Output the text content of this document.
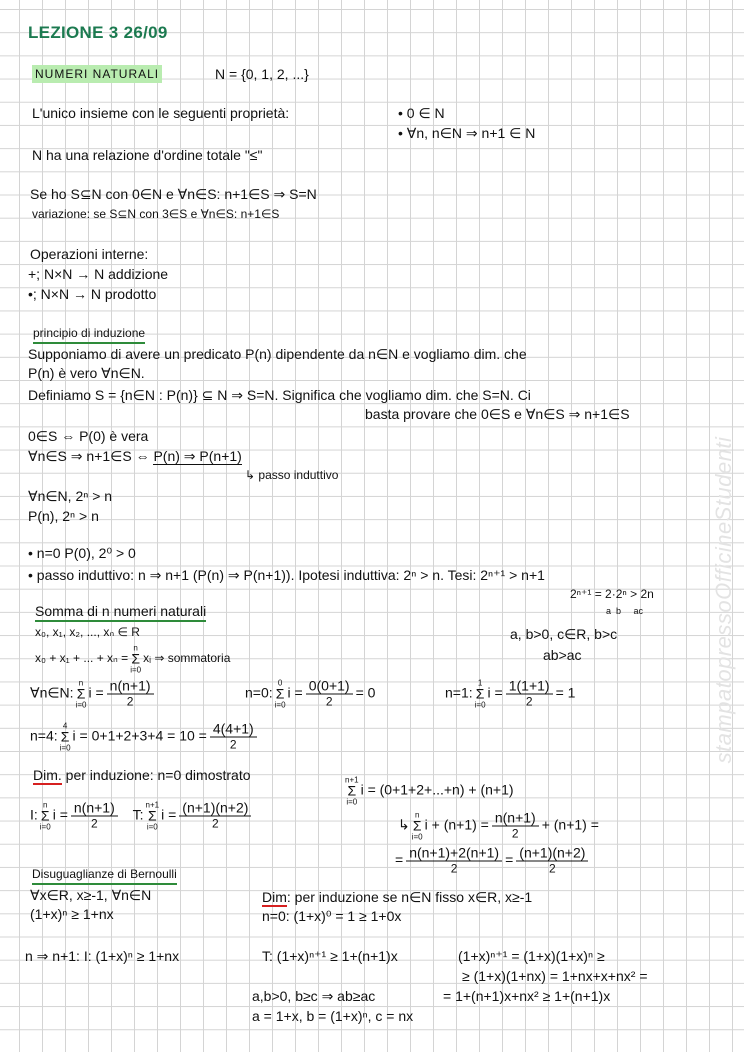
stampatopressoOfficineStudenti
LEZIONE 3 26/09
NUMERI NATURALI	N = {0, 1, 2, ...}
L'unico insieme con le seguenti proprietà:	• 0 ∈ N
• ∀n, n∈N ⇒ n+1 ∈ N
N ha una relazione d'ordine totale "≤"
Se ho S⊆N con 0∈N e ∀n∈S: n+1∈S ⇒ S=N
variazione: se S⊆N con 3∈S e ∀n∈S: n+1∈S
Operazioni interne:
+; N×N → N addizione
•; N×N → N prodotto
principio di induzione
Supponiamo di avere un predicato P(n) dipendente da n∈N e vogliamo dim. che
P(n) è vero ∀n∈N.
Definiamo S = {n∈N : P(n)} ⊆ N ⇒ S=N. Significa che vogliamo dim. che S=N. Ci
basta provare che 0∈S e ∀n∈S ⇒ n+1∈S
0∈S ⇔ P(0) è vera
∀n∈S ⇒ n+1∈S ⇔ P(n) ⇒ P(n+1)
↳ passo induttivo
∀n∈N, 2ⁿ > n
P(n), 2ⁿ > n
• n=0 P(0), 2⁰ > 0
• passo induttivo: n ⇒ n+1 (P(n) ⇒ P(n+1)). Ipotesi induttiva: 2ⁿ > n. Tesi: 2ⁿ⁺¹ > n+1
2ⁿ⁺¹ = 2·2ⁿ > 2n
a  b     ac
Somma di n numeri naturali
x₀, x₁, x₂, ..., xₙ ∈ R
x₀ + x₁ + ... + xₙ =
n
Σ
i=0
xᵢ ⇒ sommatoria
a, b>0, c∈R, b>c
ab>ac
∀n∈N:
n
Σ
i=0
$i = \frac{n(n+1)}{2}$	n=0:
0
Σ
i=0
$i = \frac{0(0+1)}{2} = 0$	n=1:
1
Σ
i=0
$i = \frac{1(1+1)}{2} = 1$
n=4:
4
Σ
i=0
$i = 0+1+2+3+4 = 10 = \frac{4(4+1)}{2}$
Dim. per induzione: n=0 dimostrato
I:
n
Σ
i=0
$i = \frac{n(n+1)}{2} T$:
n+1
Σ
i=0
$i = \frac{(n+1)(n+2)}{2}$
n+1
Σ
i=0
i = (0+1+2+...+n) + (n+1)
↳
n
Σ
i=0
$i + (n+1) = \frac{n(n+1)}{2} + (n+1)$ =
= $\frac{n(n+1)+2(n+1)}{2} = \frac{(n+1)(n+2)}{2}$
Disuguaglianze di Bernoulli
∀x∈R, x≥-1, ∀n∈N
(1+x)ⁿ ≥ 1+nx
Dim: per induzione se n∈N fisso x∈R, x≥-1
n=0: (1+x)⁰ = 1 ≥ 1+0x
n ⇒ n+1: I: (1+x)ⁿ ≥ 1+nx	T: (1+x)ⁿ⁺¹ ≥ 1+(n+1)x	(1+x)ⁿ⁺¹ = (1+x)(1+x)ⁿ ≥
≥ (1+x)(1+nx) = 1+nx+x+nx² =
= 1+(n+1)x+nx² ≥ 1+(n+1)x
a,b>0, b≥c ⇒ ab≥ac
a = 1+x, b = (1+x)ⁿ, c = nx
